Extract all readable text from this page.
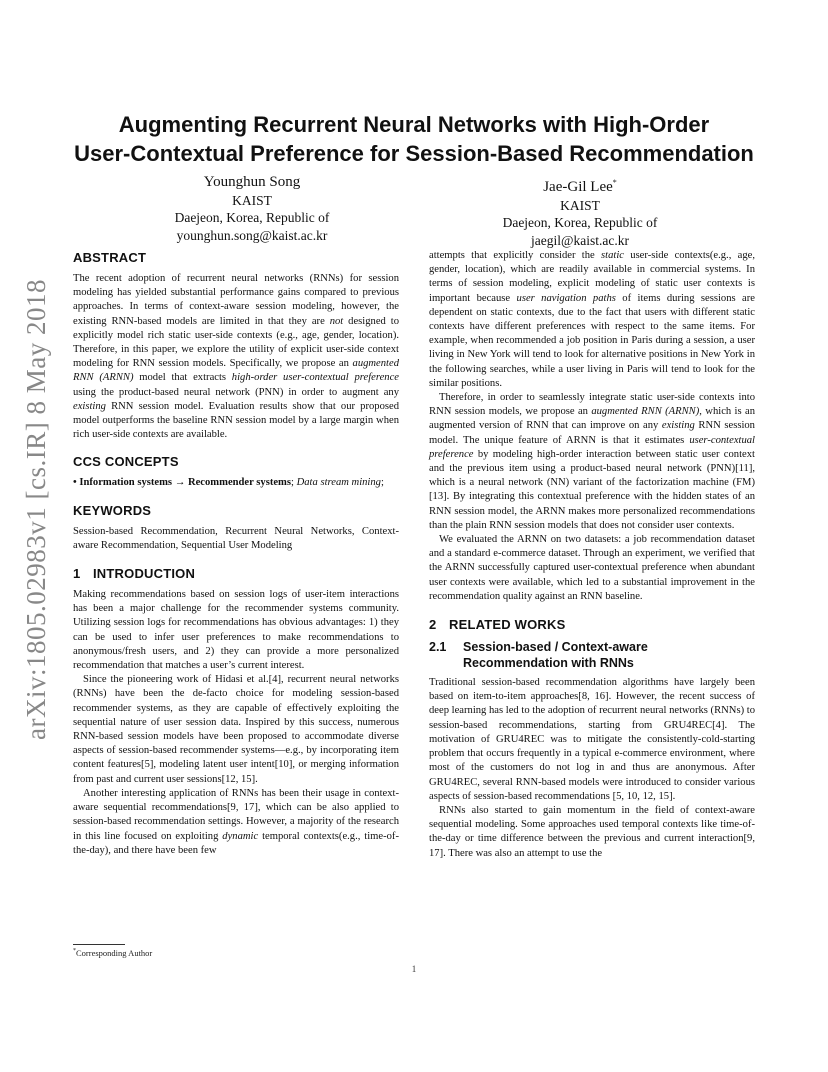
arXiv:1805.02983v1 [cs.IR] 8 May 2018
Augmenting Recurrent Neural Networks with High-Order
User-Contextual Preference for Session-Based Recommendation
Younghun Song
KAIST
Daejeon, Korea, Republic of
younghun.song@kaist.ac.kr
Jae-Gil Lee*
KAIST
Daejeon, Korea, Republic of
jaegil@kaist.ac.kr
ABSTRACT

The recent adoption of recurrent neural networks (RNNs) for session modeling has yielded substantial performance gains compared to previous approaches. In terms of context-aware session modeling, however, the existing RNN-based models are limited in that they are not designed to explicitly model rich static user-side contexts (e.g., age, gender, location). Therefore, in this paper, we explore the utility of explicit user-side context modeling for RNN session models. Specifically, we propose an augmented RNN (ARNN) model that extracts high-order user-contextual preference using the product-based neural network (PNN) in order to augment any existing RNN session model. Evaluation results show that our proposed model outperforms the baseline RNN session model by a large margin when rich user-side contexts are available.

CCS CONCEPTS

• Information systems → Recommender systems; Data stream mining;

KEYWORDS

Session-based Recommendation, Recurrent Neural Networks, Context-aware Recommendation, Sequential User Modeling

1 INTRODUCTION

Making recommendations based on session logs of user-item interactions has been a major challenge for the recommender systems community. Utilizing session logs for recommendations has obvious advantages: 1) they can be used to infer user preferences to make recommendations to anonymous/fresh users, and 2) they can provide a more personalized recommendation that matches a user’s current interest.

Since the pioneering work of Hidasi et al.[4], recurrent neural networks (RNNs) have been the de-facto choice for modeling session-based recommender systems, as they are capable of effectively exploiting the sequential nature of user session data. Inspired by this success, numerous RNN-based session models have been proposed to accommodate diverse aspects of session-based recommender systems—e.g., by incorporating item content features[5], modeling latent user intent[10], or merging information from past and current user sessions[12, 15].

Another interesting application of RNNs has been their usage in context-aware sequential recommendations[9, 17], which can be also applied to session-based recommendation settings. However, a majority of the research in this line focused on exploiting dynamic temporal contexts(e.g., time-of-the-day), and there have been few

attempts that explicitly consider the static user-side contexts(e.g., age, gender, location), which are readily available in commercial systems. In terms of session modeling, explicit modeling of static user contexts is important because user navigation paths of items during sessions are dependent on static contexts, due to the fact that users with different static contexts have different preferences with respect to the same items. For example, when recommended a job position in Paris during a session, a user living in New York will tend to look for alternative positions in New York in the following searches, while a user living in Paris will tend to look for the similar positions.

Therefore, in order to seamlessly integrate static user-side contexts into RNN session models, we propose an augmented RNN (ARNN), which is an augmented version of RNN that can improve on any existing RNN session model. The unique feature of ARNN is that it estimates user-contextual preference by modeling high-order interaction between static user context and the previous item using a product-based neural network (PNN)[11], which is a neural network (NN) variant of the factorization machine (FM)[13]. By integrating this contextual preference with the hidden states of an RNN session model, the ARNN makes more personalized recommendations than the plain RNN session models that does not consider user contexts.

We evaluated the ARNN on two datasets: a job recommendation dataset and a standard e-commerce dataset. Through an experiment, we verified that the ARNN successfully captured user-contextual preference when abundant user contexts were available, which led to a substantial improvement in the recommendation quality against an RNN baseline.

2 RELATED WORKS
2.1 Session-based / Context-aware
Recommendation with RNNs

Traditional session-based recommendation algorithms have largely been based on item-to-item approaches[8, 16]. However, the recent success of deep learning has led to the adoption of recurrent neural networks (RNNs) to session-based recommendations, starting from GRU4REC[4]. The motivation of GRU4REC was to mitigate the consistently-cold-starting problem that occurs frequently in a typical e-commerce environment, where most of the customers do not log in and thus are anonymous. After GRU4REC, several RNN-based models were introduced to consider various aspects of session-based recommendations [5, 10, 12, 15].

RNNs also started to gain momentum in the field of context-aware sequential modeling. Some approaches used temporal contexts like time-of-the-day or time difference between the previous and current interaction[9, 17]. There was also an attempt to use the

*Corresponding Author
1
